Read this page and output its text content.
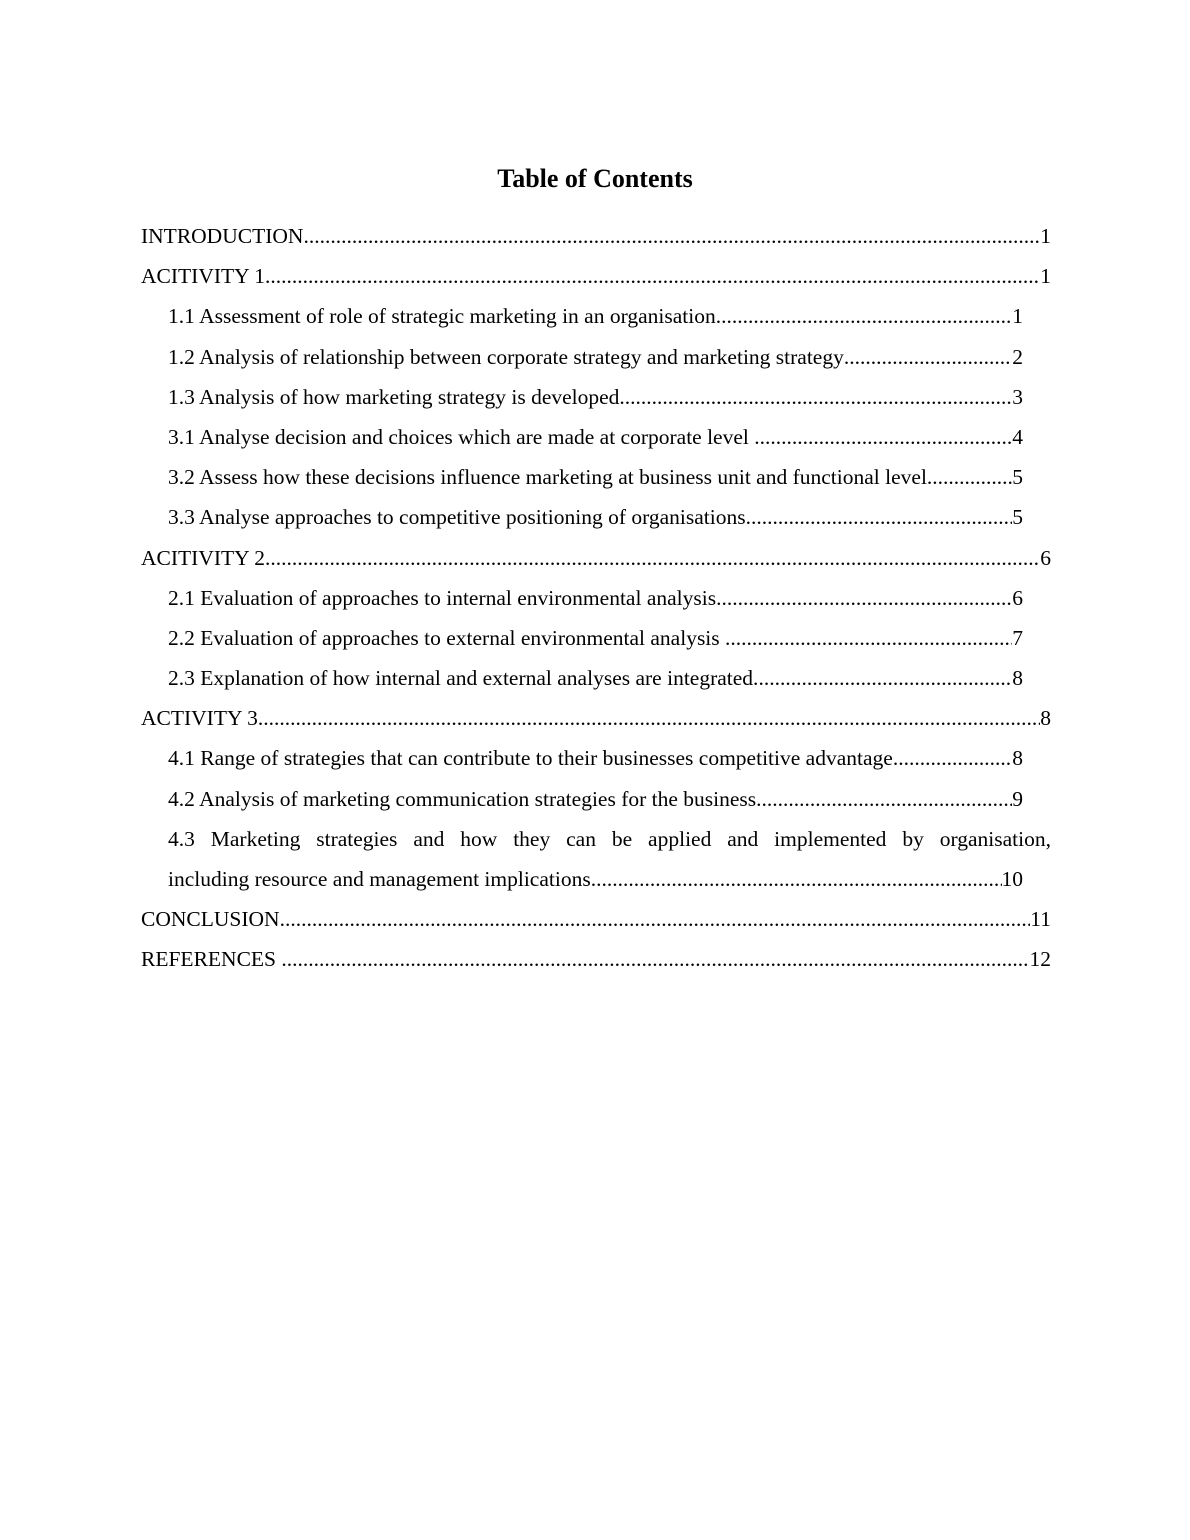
Table of Contents
INTRODUCTION .....	1
ACITIVITY 1 .....	1
1.1 Assessment of role of strategic marketing in an organisation. .....	1
1.2 Analysis of relationship between corporate strategy and marketing strategy .....	2
1.3 Analysis of how marketing strategy is developed. .....	3
3.1 Analyse decision and choices which are made at corporate level .....	4
3.2 Assess how these decisions influence marketing at business unit and functional level .....	5
3.3 Analyse approaches to competitive positioning of organisations. .....	5
ACITIVITY 2 .....	6
2.1 Evaluation of approaches to internal environmental analysis. .....	6
2.2 Evaluation of approaches to external environmental analysis .....	7
2.3 Explanation of how internal and external analyses are integrated. .....	8
ACTIVITY 3 .....	8
4.1 Range of strategies that can contribute to their businesses competitive advantage .....	8
4.2 Analysis of marketing communication strategies for the business. .....	9
4.3 Marketing strategies and how they can be applied and implemented by organisation,
including resource and management implications. .....	10
CONCLUSION .....	11
REFERENCES .....	12
